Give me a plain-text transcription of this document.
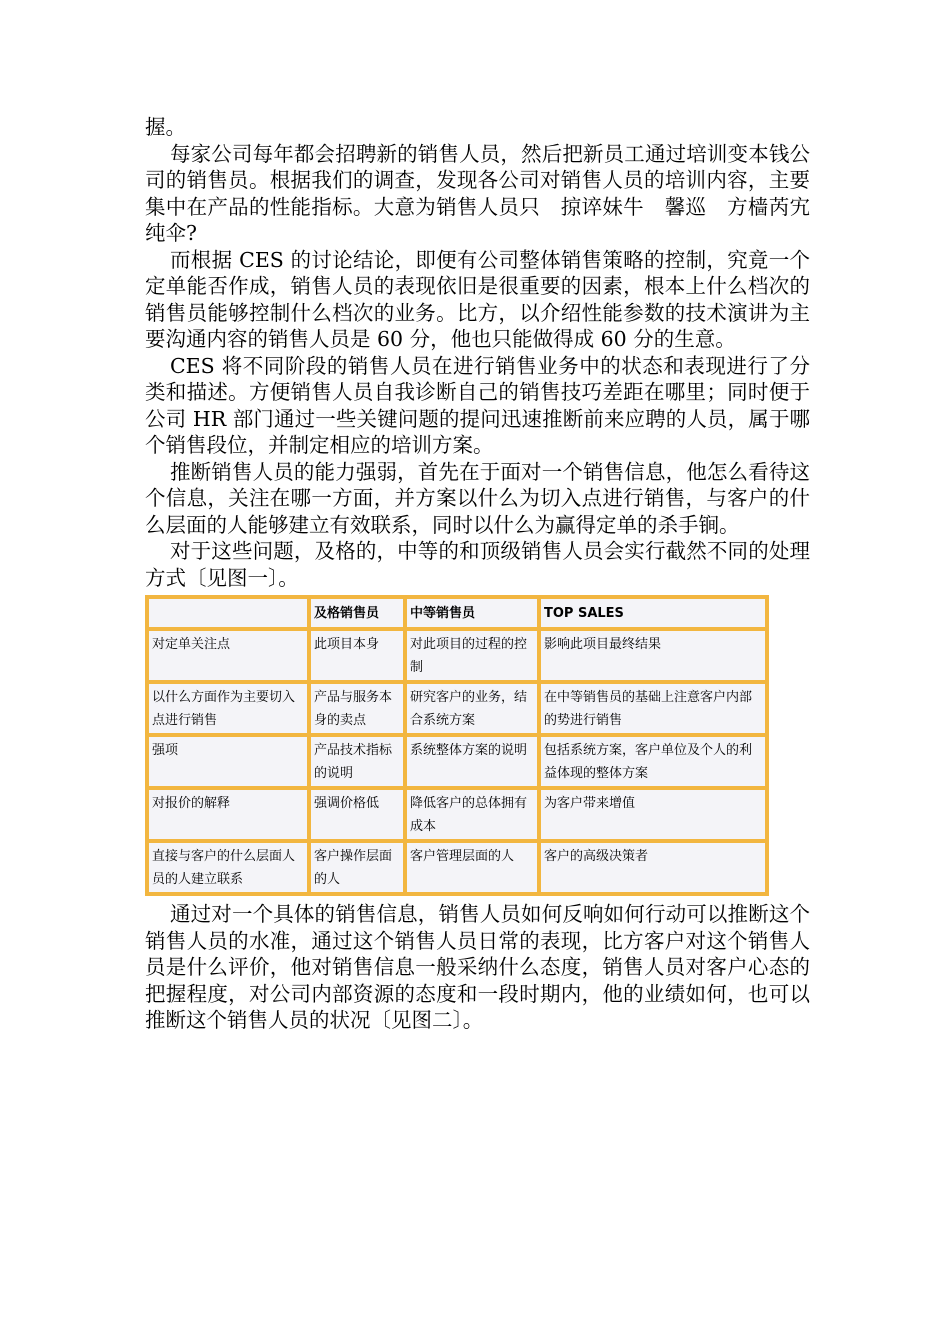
握。

每家公司每年都会招聘新的销售人员，然后把新员工通过培训变本钱公司的销售员。根据我们的调查，发现各公司对销售人员的培训内容，主要集中在产品的性能指标。大意为销售人员只　掠谇妹牛　馨巡　方樯芮宄　纯伞?

而根据 CES 的讨论结论，即便有公司整体销售策略的控制，究竟一个定单能否作成，销售人员的表现依旧是很重要的因素，根本上什么档次的销售员能够控制什么档次的业务。比方，以介绍性能参数的技术演讲为主要沟通内容的销售人员是 60 分，他也只能做得成 60 分的生意。

CES 将不同阶段的销售人员在进行销售业务中的状态和表现进行了分类和描述。方便销售人员自我诊断自己的销售技巧差距在哪里；同时便于公司 HR 部门通过一些关键问题的提问迅速推断前来应聘的人员，属于哪个销售段位，并制定相应的培训方案。

推断销售人员的能力强弱，首先在于面对一个销售信息，他怎么看待这个信息，关注在哪一方面，并方案以什么为切入点进行销售，与客户的什么层面的人能够建立有效联系，同时以什么为赢得定单的杀手锏。

对于这些问题，及格的，中等的和顶级销售人员会实行截然不同的处理方式〔见图一〕。

	及格销售员	中等销售员	TOP SALES
对定单关注点	此项目本身	对此项目的过程的控制	影响此项目最终结果
以什么方面作为主要切入点进行销售	产品与服务本身的卖点	研究客户的业务，结合系统方案	在中等销售员的基础上注意客户内部的势进行销售
强项	产品技术指标的说明	系统整体方案的说明	包括系统方案，客户单位及个人的利益体现的整体方案
对报价的解释	强调价格低	降低客户的总体拥有成本	为客户带来增值
直接与客户的什么层面人员的人建立联系	客户操作层面的人	客户管理层面的人	客户的高级决策者

通过对一个具体的销售信息，销售人员如何反响如何行动可以推断这个销售人员的水准，通过这个销售人员日常的表现，比方客户对这个销售人员是什么评价，他对销售信息一般采纳什么态度，销售人员对客户心态的把握程度，对公司内部资源的态度和一段时期内，他的业绩如何，也可以推断这个销售人员的状况〔见图二〕。
